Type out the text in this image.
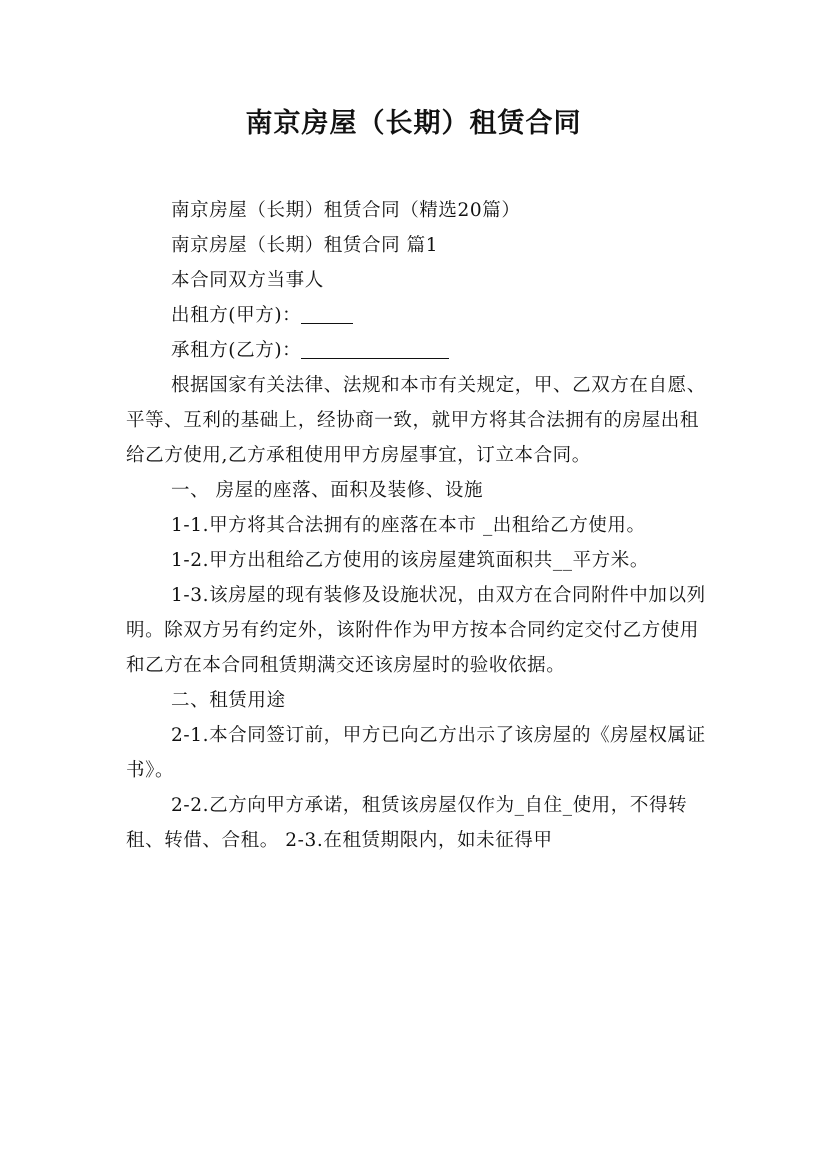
南京房屋（长期）租赁合同

南京房屋（长期）租赁合同（精选20篇）

南京房屋（长期）租赁合同 篇1

本合同双方当事人

出租方(甲方)：

承租方(乙方)：

根据国家有关法律、法规和本市有关规定，甲、乙双方在自愿、平等、互利的基础上，经协商一致，就甲方将其合法拥有的房屋出租给乙方使用,乙方承租使用甲方房屋事宜，订立本合同。

一、 房屋的座落、面积及装修、设施

1-1.甲方将其合法拥有的座落在本市 _出租给乙方使用。

1-2.甲方出租给乙方使用的该房屋建筑面积共__平方米。

1-3.该房屋的现有装修及设施状况，由双方在合同附件中加以列明。除双方另有约定外，该附件作为甲方按本合同约定交付乙方使用和乙方在本合同租赁期满交还该房屋时的验收依据。

二、租赁用途

2-1.本合同签订前，甲方已向乙方出示了该房屋的《房屋权属证书》。

2-2.乙方向甲方承诺，租赁该房屋仅作为_自住_使用，不得转租、转借、合租。 2-3.在租赁期限内，如未征得甲
